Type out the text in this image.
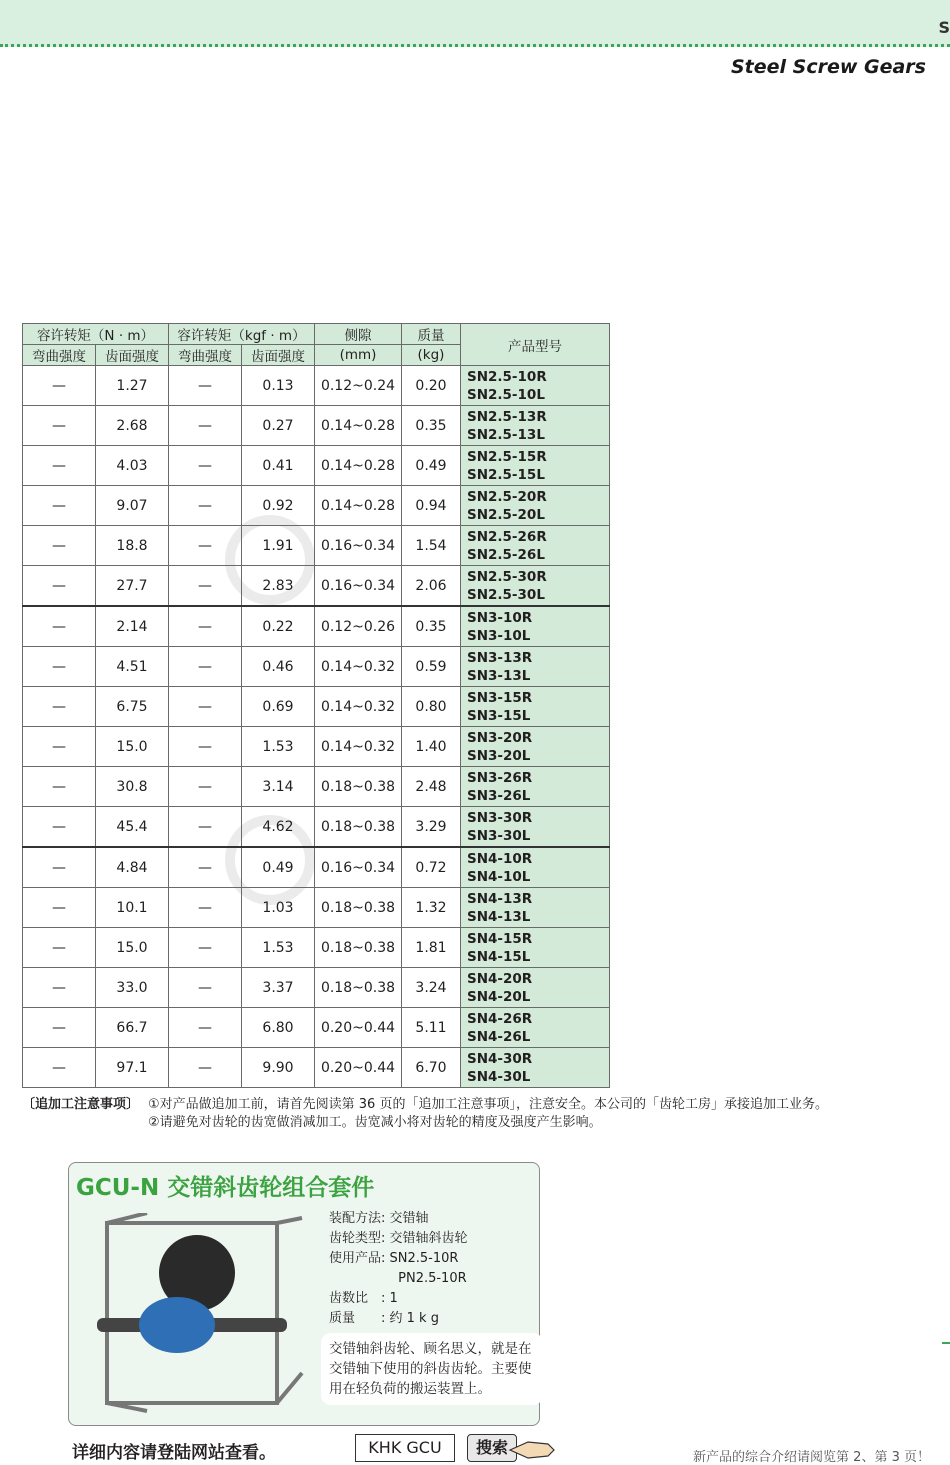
S
Steel Screw Gears
容许转矩（N · m）		容许转矩（kgf · m）		侧隙	质量	产品型号
弯曲强度	齿面强度	弯曲强度	齿面强度	(mm)	(kg)	
—	1.27	—	0.13	0.12~0.24	0.20	SN2.5-10R
SN2.5-10L

—	2.68	—	0.27	0.14~0.28	0.35	SN2.5-13R
SN2.5-13L

—	4.03	—	0.41	0.14~0.28	0.49	SN2.5-15R
SN2.5-15L

—	9.07	—	0.92	0.14~0.28	0.94	SN2.5-20R
SN2.5-20L

—	18.8	—	1.91	0.16~0.34	1.54	SN2.5-26R
SN2.5-26L

—	27.7	—	2.83	0.16~0.34	2.06	SN2.5-30R
SN2.5-30L

—	2.14	—	0.22	0.12~0.26	0.35	SN3-10R
SN3-10L

—	4.51	—	0.46	0.14~0.32	0.59	SN3-13R
SN3-13L

—	6.75	—	0.69	0.14~0.32	0.80	SN3-15R
SN3-15L

—	15.0	—	1.53	0.14~0.32	1.40	SN3-20R
SN3-20L

—	30.8	—	3.14	0.18~0.38	2.48	SN3-26R
SN3-26L

—	45.4	—	4.62	0.18~0.38	3.29	SN3-30R
SN3-30L

—	4.84	—	0.49	0.16~0.34	0.72	SN4-10R
SN4-10L

—	10.1	—	1.03	0.18~0.38	1.32	SN4-13R
SN4-13L

—	15.0	—	1.53	0.18~0.38	1.81	SN4-15R
SN4-15L

—	33.0	—	3.37	0.18~0.38	3.24	SN4-20R
SN4-20L

—	66.7	—	6.80	0.20~0.44	5.11	SN4-26R
SN4-26L

—	97.1	—	9.90	0.20~0.44	6.70	SN4-30R
SN4-30L
〔追加工注意事项〕 ①对产品做追加工前，请首先阅读第 36 页的「追加工注意事项」，注意安全。本公司的「齿轮工房」承接追加工业务。
②请避免对齿轮的齿宽做消减加工。齿宽减小将对齿轮的精度及强度产生影响。
GCU-N 交错斜齿轮组合套件
装配方法: 交错轴
齿轮类型: 交错轴斜齿轮
使用产品: SN2.5-10R
　　　　　 PN2.5-10R
齿数比　: 1
质量　　: 约 1 k g
交错轴斜齿轮、顾名思义，就是在交错轴下使用的斜齿齿轮。主要使用在轻负荷的搬运装置上。
详细内容请登陆网站查看。	KHK GCU	搜索
新产品的综合介绍请阅览第 2、第 3 页！
